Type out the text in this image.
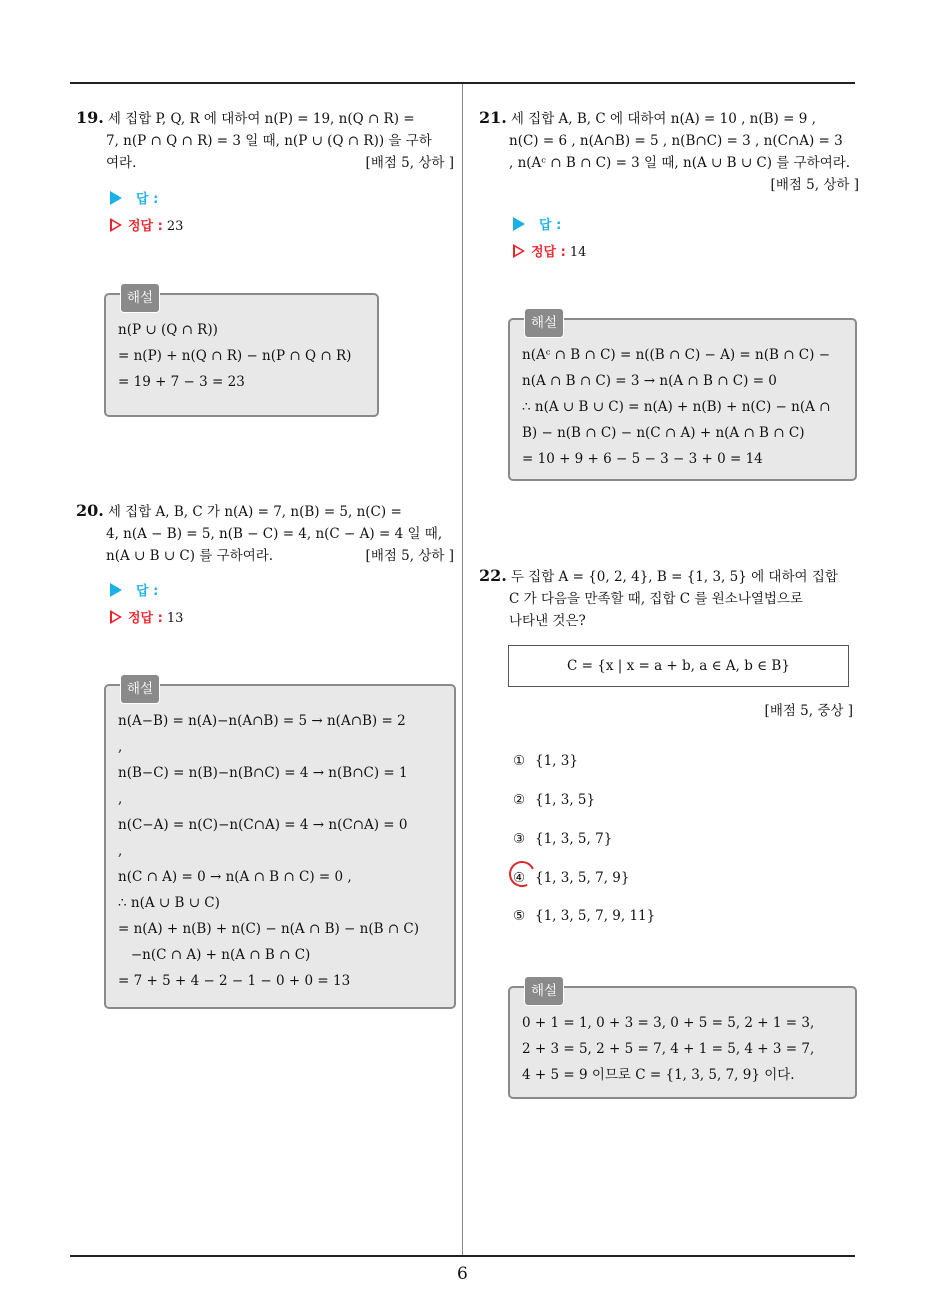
19. 세 집합 P, Q, R 에 대하여 n(P) = 19, n(Q ∩ R) =
7, n(P ∩ Q ∩ R) = 3 일 때, n(P ∪ (Q ∩ R)) 을 구하
여라.	[배점 5, 상하 ]
답 :
정답 : 23
해설
n(P ∪ (Q ∩ R))
= n(P) + n(Q ∩ R) − n(P ∩ Q ∩ R)
= 19 + 7 − 3 = 23
20. 세 집합 A, B, C 가 n(A) = 7, n(B) = 5, n(C) =
4, n(A − B) = 5, n(B − C) = 4, n(C − A) = 4 일 때,
n(A ∪ B ∪ C) 를 구하여라.	[배점 5, 상하 ]
답 :
정답 : 13
해설
n(A−B) = n(A)−n(A∩B) = 5 → n(A∩B) = 2
,
n(B−C) = n(B)−n(B∩C) = 4 → n(B∩C) = 1
,
n(C−A) = n(C)−n(C∩A) = 4 → n(C∩A) = 0
,
n(C ∩ A) = 0 → n(A ∩ B ∩ C) = 0 ,
∴ n(A ∪ B ∪ C)
= n(A) + n(B) + n(C) − n(A ∩ B) − n(B ∩ C)
−n(C ∩ A) + n(A ∩ B ∩ C)
= 7 + 5 + 4 − 2 − 1 − 0 + 0 = 13
21. 세 집합 A, B, C 에 대하여 n(A) = 10 , n(B) = 9 ,
n(C) = 6 , n(A∩B) = 5 , n(B∩C) = 3 , n(C∩A) = 3
, n(Aᶜ ∩ B ∩ C) = 3 일 때, n(A ∪ B ∪ C) 를 구하여라.
[배점 5, 상하 ]
답 :
정답 : 14
해설
n(Aᶜ ∩ B ∩ C) = n((B ∩ C) − A) = n(B ∩ C) −
n(A ∩ B ∩ C) = 3 → n(A ∩ B ∩ C) = 0
∴ n(A ∪ B ∪ C) = n(A) + n(B) + n(C) − n(A ∩
B) − n(B ∩ C) − n(C ∩ A) + n(A ∩ B ∩ C)
= 10 + 9 + 6 − 5 − 3 − 3 + 0 = 14
22. 두 집합 A = {0, 2, 4}, B = {1, 3, 5} 에 대하여 집합
C 가 다음을 만족할 때, 집합 C 를 원소나열법으로
나타낸 것은?
C = {x | x = a + b, a ∈ A, b ∈ B}
[배점 5, 중상 ]
① {1, 3}
② {1, 3, 5}
③ {1, 3, 5, 7}
④ {1, 3, 5, 7, 9}
⑤ {1, 3, 5, 7, 9, 11}
해설
0 + 1 = 1, 0 + 3 = 3, 0 + 5 = 5, 2 + 1 = 3,
2 + 3 = 5, 2 + 5 = 7, 4 + 1 = 5, 4 + 3 = 7,
4 + 5 = 9 이므로 C = {1, 3, 5, 7, 9} 이다.
6
